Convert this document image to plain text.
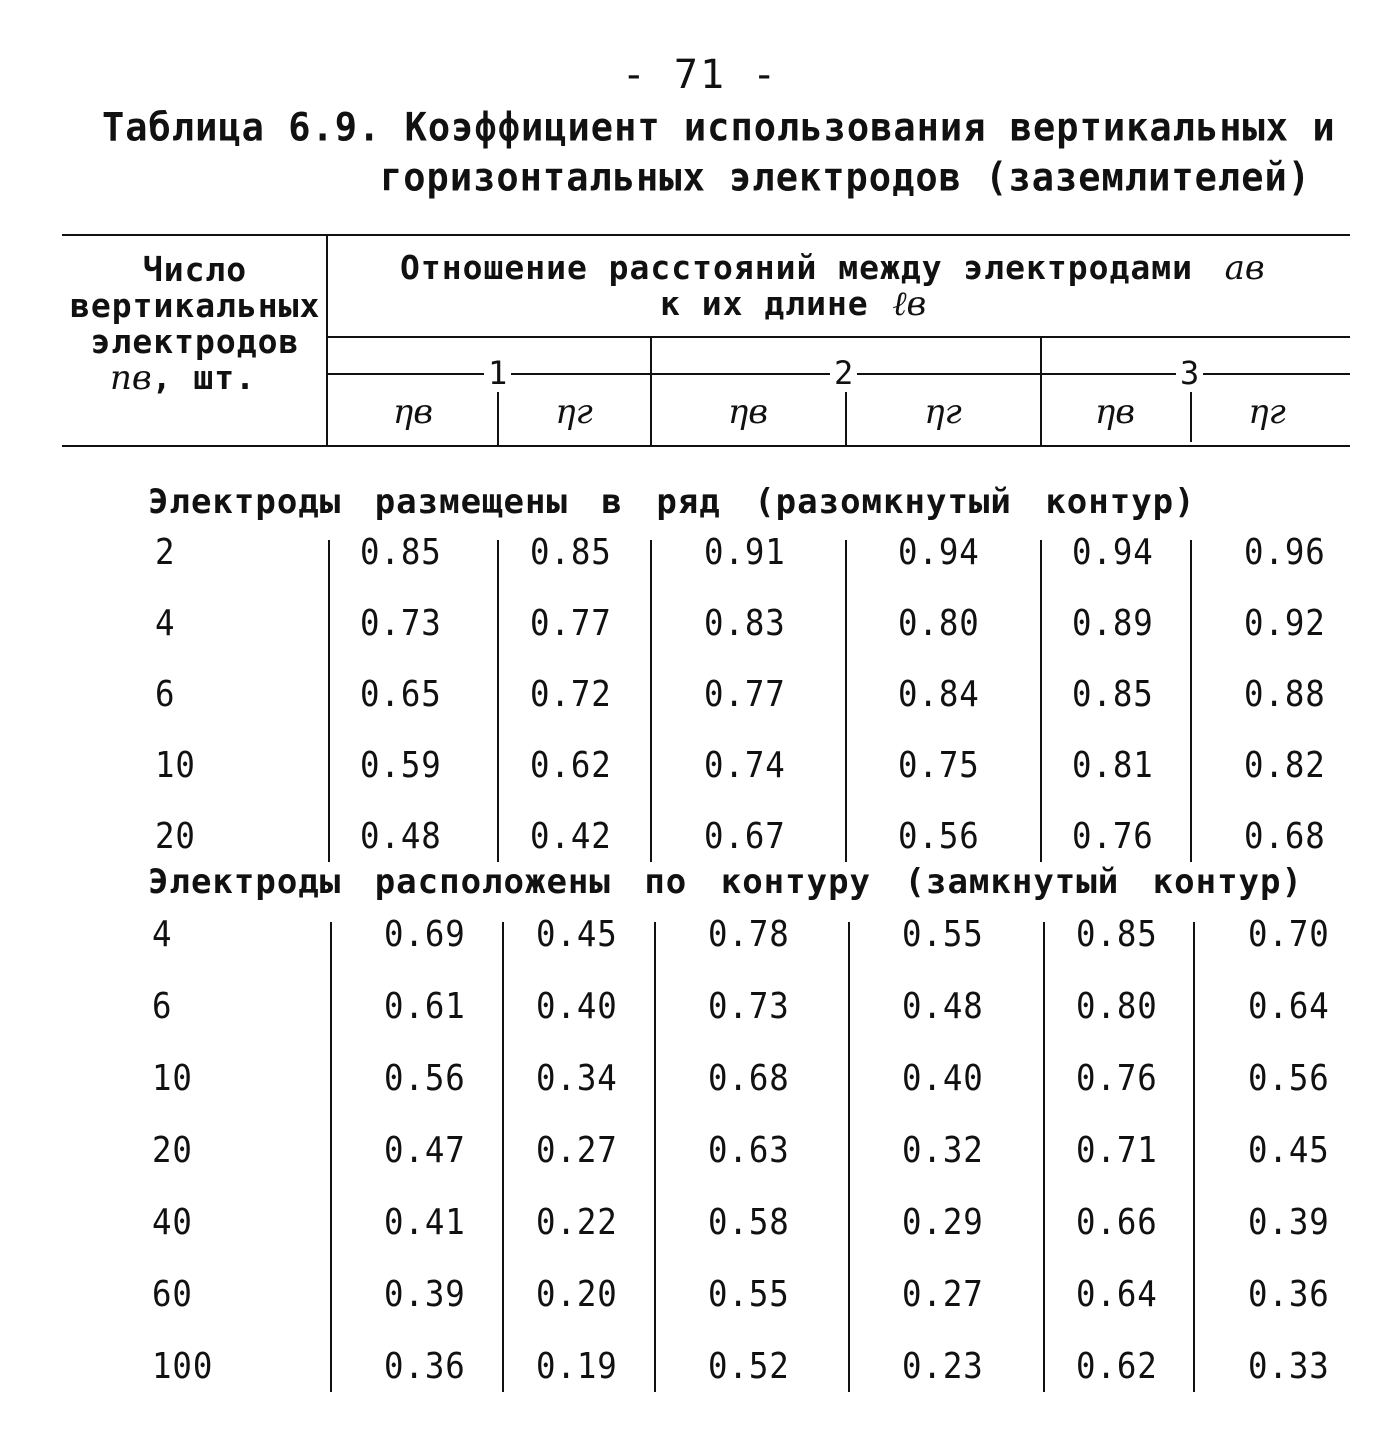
- 71 -
Таблица 6.9. Коэффициент использования вертикальных и
горизонтальных электродов (заземлителей)
Число
вертикальных
электродов
nв, шт.
Отношение расстояний между электродами aв
к их длине ℓв
1	2	3
ηв	ηг	ηв	ηг	ηв	ηг
Электроды размещены в ряд (разомкнутый контур)
2	0.85 0.85	0.91	0.94	0.94	0.96
4	0.73 0.77	0.83	0.80	0.89	0.92
6	0.65 0.72	0.77	0.84	0.85	0.88
10	0.59 0.62	0.74	0.75	0.81	0.82
20	0.48 0.42	0.67	0.56	0.76	0.68
Электроды расположены по контуру (замкнутый контур)
4	0.69 0.45	0.78	0.55	0.85	0.70
6	0.61 0.40	0.73	0.48	0.80	0.64
10	0.56 0.34	0.68	0.40	0.76	0.56
20	0.47 0.27	0.63	0.32	0.71	0.45
40	0.41 0.22	0.58	0.29	0.66	0.39
60	0.39 0.20	0.55	0.27	0.64	0.36
100	0.36 0.19	0.52	0.23	0.62	0.33
